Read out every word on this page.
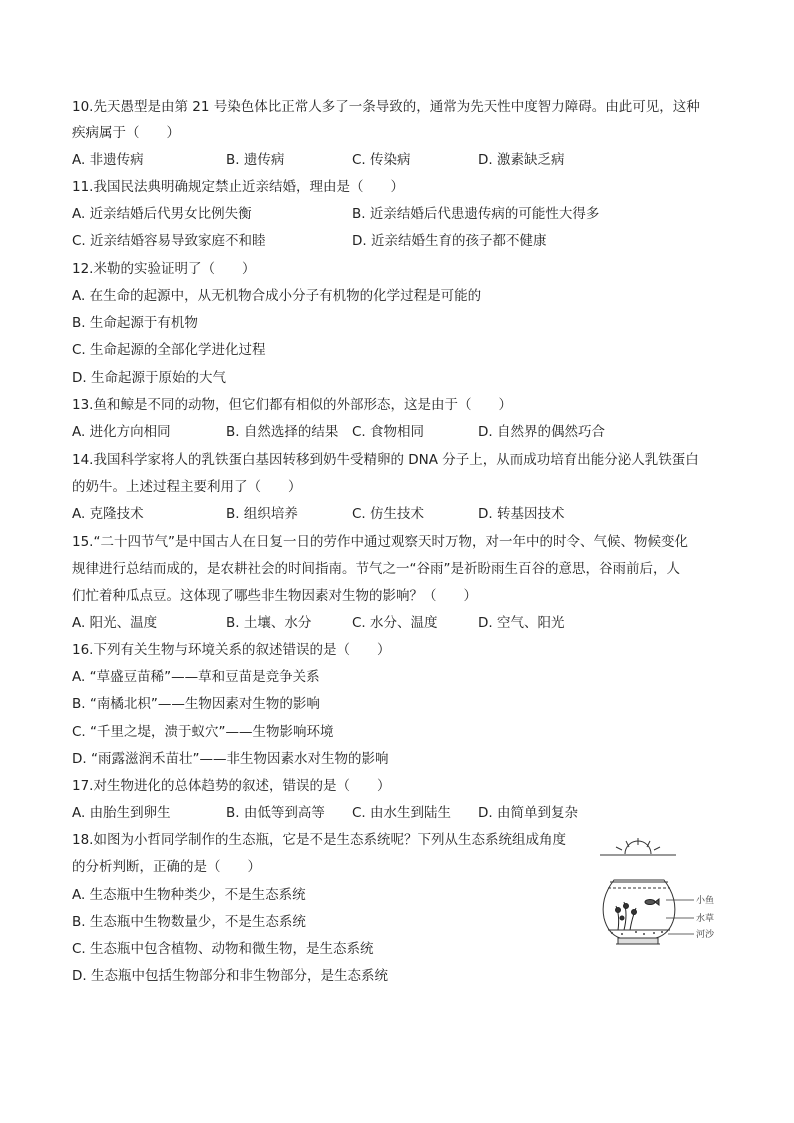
10.先天愚型是由第 21 号染色体比正常人多了一条导致的，通常为先天性中度智力障碍。由此可见，这种
疾病属于（　　）
A. 非遗传病	B. 遗传病	C. 传染病	D. 激素缺乏病
11.我国民法典明确规定禁止近亲结婚，理由是（　　）
A. 近亲结婚后代男女比例失衡	B. 近亲结婚后代患遗传病的可能性大得多
C. 近亲结婚容易导致家庭不和睦	D. 近亲结婚生育的孩子都不健康
12.米勒的实验证明了（　　）
A. 在生命的起源中，从无机物合成小分子有机物的化学过程是可能的
B. 生命起源于有机物
C. 生命起源的全部化学进化过程
D. 生命起源于原始的大气
13.鱼和鲸是不同的动物，但它们都有相似的外部形态，这是由于（　　）
A. 进化方向相同	B. 自然选择的结果 C. 食物相同	D. 自然界的偶然巧合
14.我国科学家将人的乳铁蛋白基因转移到奶牛受精卵的 DNA 分子上，从而成功培育出能分泌人乳铁蛋白
的奶牛。上述过程主要利用了（　　）
A. 克隆技术	B. 组织培养	C. 仿生技术	D. 转基因技术
15.“二十四节气”是中国古人在日复一日的劳作中通过观察天时万物，对一年中的时令、气候、物候变化
规律进行总结而成的，是农耕社会的时间指南。节气之一“谷雨”是祈盼雨生百谷的意思，谷雨前后，人
们忙着种瓜点豆。这体现了哪些非生物因素对生物的影响？（　　）
A. 阳光、温度	B. 土壤、水分	C. 水分、温度	D. 空气、阳光
16.下列有关生物与环境关系的叙述错误的是（　　）
A. “草盛豆苗稀”——草和豆苗是竞争关系
B. “南橘北枳”——生物因素对生物的影响
C. “千里之堤，溃于蚁穴”——生物影响环境
D. “雨露滋润禾苗壮”——非生物因素水对生物的影响
17.对生物进化的总体趋势的叙述，错误的是（　　）
A. 由胎生到卵生	B. 由低等到高等 C. 由水生到陆生 D. 由简单到复杂
18.如图为小哲同学制作的生态瓶，它是不是生态系统呢？下列从生态系统组成角度
的分析判断，正确的是（　　）
A. 生态瓶中生物种类少，不是生态系统
B. 生态瓶中生物数量少，不是生态系统
C. 生态瓶中包含植物、动物和微生物，是生态系统
D. 生态瓶中包括生物部分和非生物部分，是生态系统
小鱼
水草
河沙
